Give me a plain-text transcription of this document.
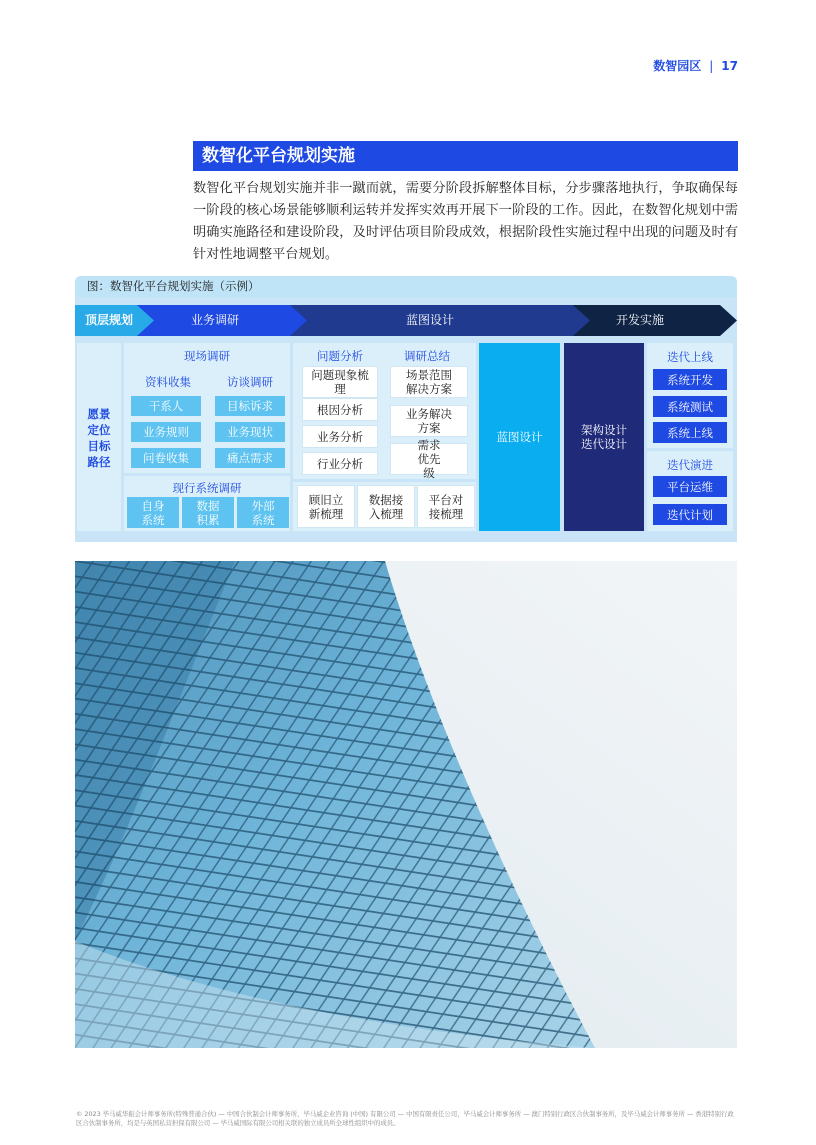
数智园区 | 17
数智化平台规划实施
数智化平台规划实施并非一蹴而就，需要分阶段拆解整体目标，分步骤落地执行，争取确保每一阶段的核心场景能够顺利运转并发挥实效再开展下一阶段的工作。因此，在数智化规划中需明确实施路径和建设阶段，及时评估项目阶段成效，根据阶段性实施过程中出现的问题及时有针对性地调整平台规划。
图：数智化平台规划实施（示例）
顶层规划	业务调研	蓝图设计	开发实施
愿景定位目标路径
现场调研
资料收集	访谈调研
干系人
业务规则
问卷收集
目标诉求
业务现状
痛点需求
现行系统调研
自身系统
数据积累
外部系统
问题分析	调研总结
问题现象梳理
根因分析
业务分析
行业分析
场景范围解决方案
业务解决方案
需求优先级
顾旧立新梳理
数据接入梳理
平台对接梳理
蓝图设计	架构设计迭代设计
迭代上线
系统开发
系统测试
系统上线
迭代演进
平台运维
迭代计划
© 2023 毕马威华振会计师事务所(特殊普通合伙) — 中国合伙制会计师事务所，毕马威企业咨询 (中国) 有限公司 — 中国有限责任公司，毕马威会计师事务所 — 澳门特别行政区合伙制事务所，及毕马威会计师事务所 — 香港特别行政区合伙制事务所，均是与英国私营担保有限公司 — 毕马威国际有限公司相关联的独立成员所全球性组织中的成员。
